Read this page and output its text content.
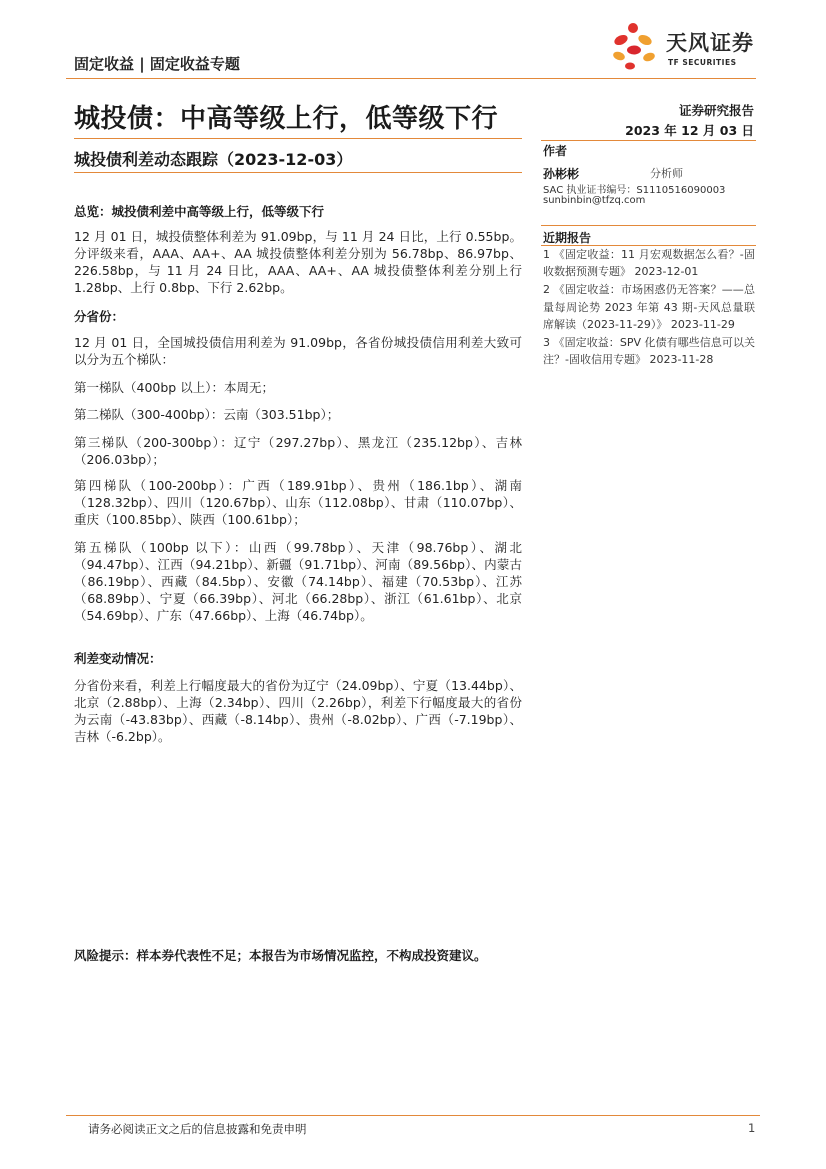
固定收益 | 固定收益专题
天风证券
TF SECURITIES
城投债：中高等级上行，低等级下行
城投债利差动态跟踪（2023-12-03）
证券研究报告
2023 年 12 月 03 日
作者
孙彬彬	分析师
SAC 执业证书编号：S1110516090003
sunbinbin@tfzq.com
近期报告

1 《固定收益：11 月宏观数据怎么看？-固收数据预测专题》 2023-12-01

2 《固定收益：市场困惑仍无答案？——总量每周论势 2023 年第 43 期-天风总量联席解读（2023-11-29）》 2023-11-29

3 《固定收益：SPV 化债有哪些信息可以关注？-固收信用专题》 2023-11-28

总览：城投债利差中高等级上行，低等级下行

12 月 01 日，城投债整体利差为 91.09bp，与 11 月 24 日比，上行 0.55bp。分评级来看，AAA、AA+、AA 城投债整体利差分别为 56.78bp、86.97bp、226.58bp，与 11 月 24 日比，AAA、AA+、AA 城投债整体利差分别上行 1.28bp、上行 0.8bp、下行 2.62bp。

分省份：

12 月 01 日，全国城投债信用利差为 91.09bp，各省份城投债信用利差大致可以分为五个梯队：

第一梯队（400bp 以上）：本周无；

第二梯队（300-400bp）：云南（303.51bp）；

第三梯队（200-300bp）：辽宁（297.27bp）、黑龙江（235.12bp）、吉林（206.03bp）；

第四梯队（100-200bp）：广西（189.91bp）、贵州（186.1bp）、湖南（128.32bp）、四川（120.67bp）、山东（112.08bp）、甘肃（110.07bp）、重庆（100.85bp）、陕西（100.61bp）；

第五梯队（100bp 以下）：山西（99.78bp）、天津（98.76bp）、湖北（94.47bp）、江西（94.21bp）、新疆（91.71bp）、河南（89.56bp）、内蒙古（86.19bp）、西藏（84.5bp）、安徽（74.14bp）、福建（70.53bp）、江苏（68.89bp）、宁夏（66.39bp）、河北（66.28bp）、浙江（61.61bp）、北京（54.69bp）、广东（47.66bp）、上海（46.74bp）。

利差变动情况：

分省份来看，利差上行幅度最大的省份为辽宁（24.09bp）、宁夏（13.44bp）、北京（2.88bp）、上海（2.34bp）、四川（2.26bp），利差下行幅度最大的省份为云南（-43.83bp）、西藏（-8.14bp）、贵州（-8.02bp）、广西（-7.19bp）、吉林（-6.2bp）。

风险提示：样本券代表性不足；本报告为市场情况监控，不构成投资建议。

请务必阅读正文之后的信息披露和免责申明	1
